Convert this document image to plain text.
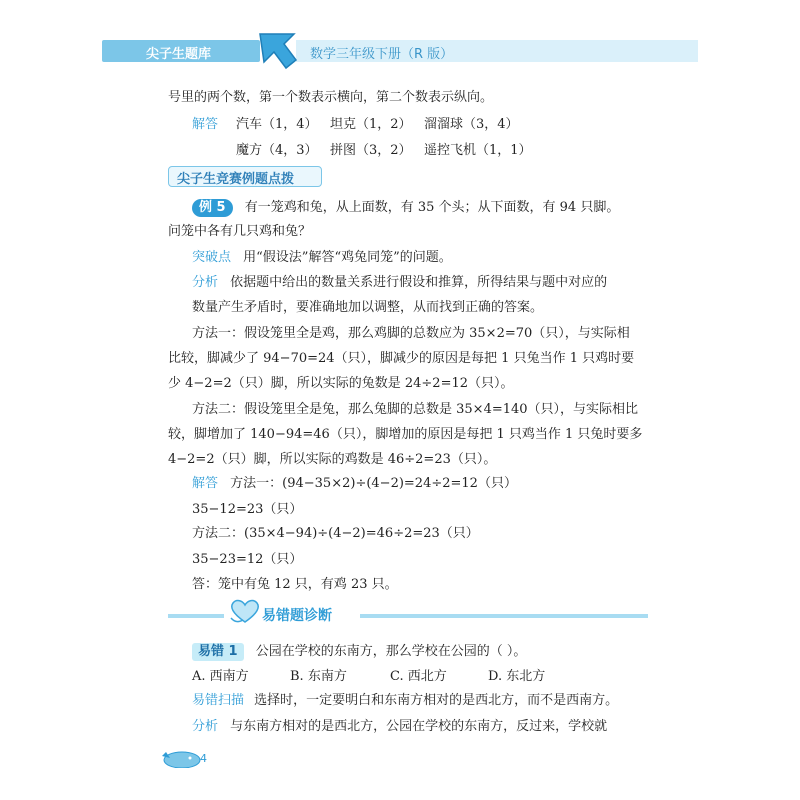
尖子生题库	数学三年级下册（R 版）
号里的两个数，第一个数表示横向，第二个数表示纵向。
解答 汽车（1，4） 坦克（1，2） 溜溜球（3，4）
魔方（4，3） 拼图（3，2） 遥控飞机（1，1）
尖子生竞赛例题点拨
例 5 有一笼鸡和兔，从上面数，有 35 个头；从下面数，有 94 只脚。
问笼中各有几只鸡和兔？
突破点 用“假设法”解答“鸡兔同笼”的问题。
分析 依据题中给出的数量关系进行假设和推算，所得结果与题中对应的
数量产生矛盾时，要准确地加以调整，从而找到正确的答案。
方法一：假设笼里全是鸡，那么鸡脚的总数应为 35×2=70（只），与实际相
比较，脚减少了 94−70=24（只），脚减少的原因是每把 1 只兔当作 1 只鸡时要
少 4−2=2（只）脚，所以实际的兔数是 24÷2=12（只）。
方法二：假设笼里全是兔，那么兔脚的总数是 35×4=140（只），与实际相比
较，脚增加了 140−94=46（只），脚增加的原因是每把 1 只鸡当作 1 只兔时要多
4−2=2（只）脚，所以实际的鸡数是 46÷2=23（只）。
解答 方法一：(94−35×2)÷(4−2)=24÷2=12（只）
35−12=23（只）
方法二：(35×4−94)÷(4−2)=46÷2=23（只）
35−23=12（只）
答：笼中有兔 12 只，有鸡 23 只。
易错题诊断
易错 1 公园在学校的东南方，那么学校在公园的（ ）。
A. 西南方	B. 东南方	C. 西北方	D. 东北方
易错扫描 选择时，一定要明白和东南方相对的是西北方，而不是西南方。
分析 与东南方相对的是西北方，公园在学校的东南方，反过来，学校就
4
